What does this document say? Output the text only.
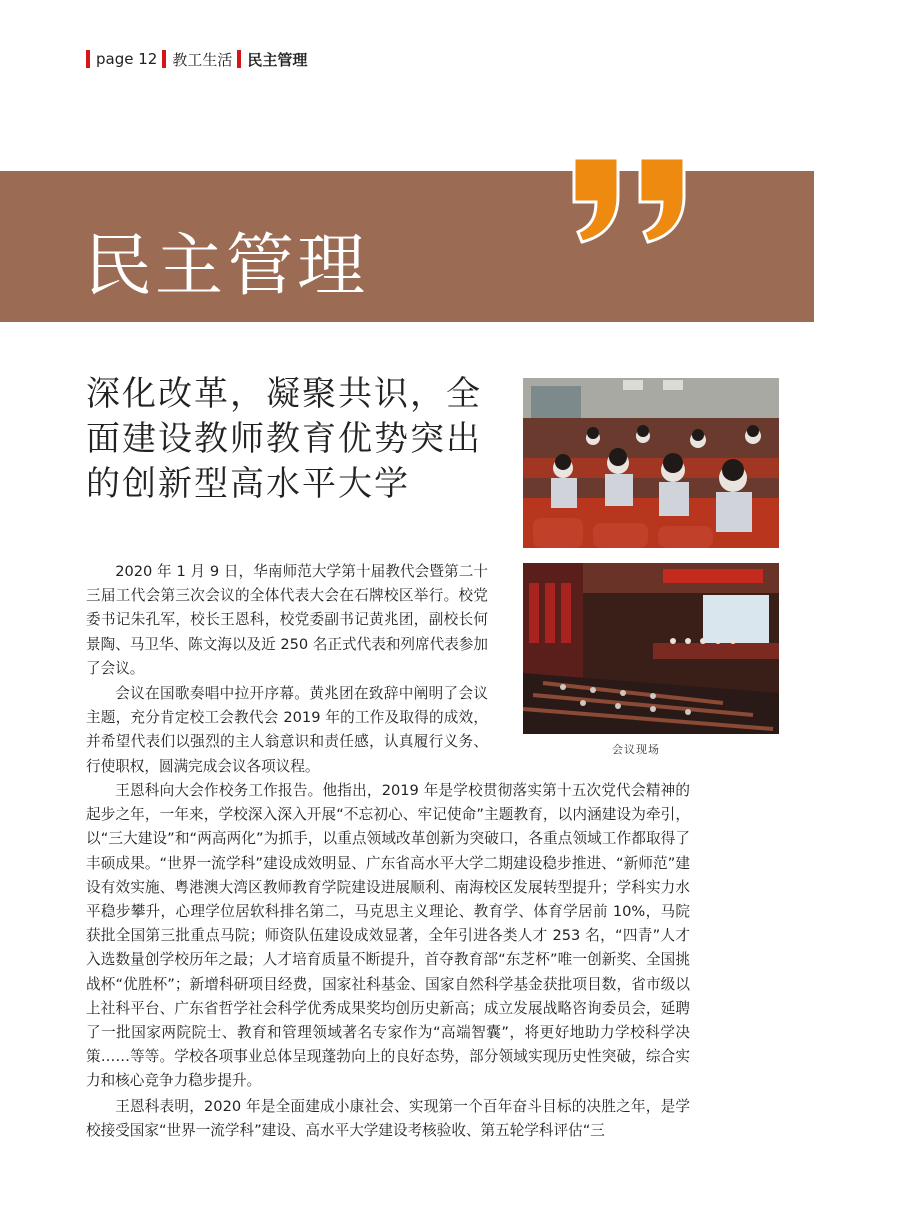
page 12 教工生活 民主管理
民主管理
深化改革，凝聚共识，全面建设教师教育优势突出的创新型高水平大学
会议现场
2020 年 1 月 9 日，华南师范大学第十届教代会暨第二十三届工代会第三次会议的全体代表大会在石牌校区举行。校党委书记朱孔军，校长王恩科，校党委副书记黄兆团，副校长何景陶、马卫华、陈文海以及近 250 名正式代表和列席代表参加了会议。
会议在国歌奏唱中拉开序幕。黄兆团在致辞中阐明了会议主题，充分肯定校工会教代会 2019 年的工作及取得的成效，并希望代表们以强烈的主人翁意识和责任感，认真履行义务、行使职权，圆满完成会议各项议程。
王恩科向大会作校务工作报告。他指出，2019 年是学校贯彻落实第十五次党代会精神的起步之年，一年来，学校深入深入开展“不忘初心、牢记使命”主题教育，以内涵建设为牵引，以“三大建设”和“两高两化”为抓手，以重点领域改革创新为突破口，各重点领域工作都取得了丰硕成果。“世界一流学科”建设成效明显、广东省高水平大学二期建设稳步推进、“新师范”建设有效实施、粤港澳大湾区教师教育学院建设进展顺利、南海校区发展转型提升；学科实力水平稳步攀升，心理学位居软科排名第二，马克思主义理论、教育学、体育学居前 10%，马院获批全国第三批重点马院；师资队伍建设成效显著，全年引进各类人才 253 名，“四青”人才入选数量创学校历年之最；人才培育质量不断提升，首夺教育部“东芝杯”唯一创新奖、全国挑战杯“优胜杯”；新增科研项目经费，国家社科基金、国家自然科学基金获批项目数，省市级以上社科平台、广东省哲学社会科学优秀成果奖均创历史新高；成立发展战略咨询委员会，延聘了一批国家两院院士、教育和管理领域著名专家作为“高端智囊”，将更好地助力学校科学决策……等等。学校各项事业总体呈现蓬勃向上的良好态势，部分领域实现历史性突破，综合实力和核心竞争力稳步提升。
王恩科表明，2020 年是全面建成小康社会、实现第一个百年奋斗目标的决胜之年，是学校接受国家“世界一流学科”建设、高水平大学建设考核验收、第五轮学科评估“三
